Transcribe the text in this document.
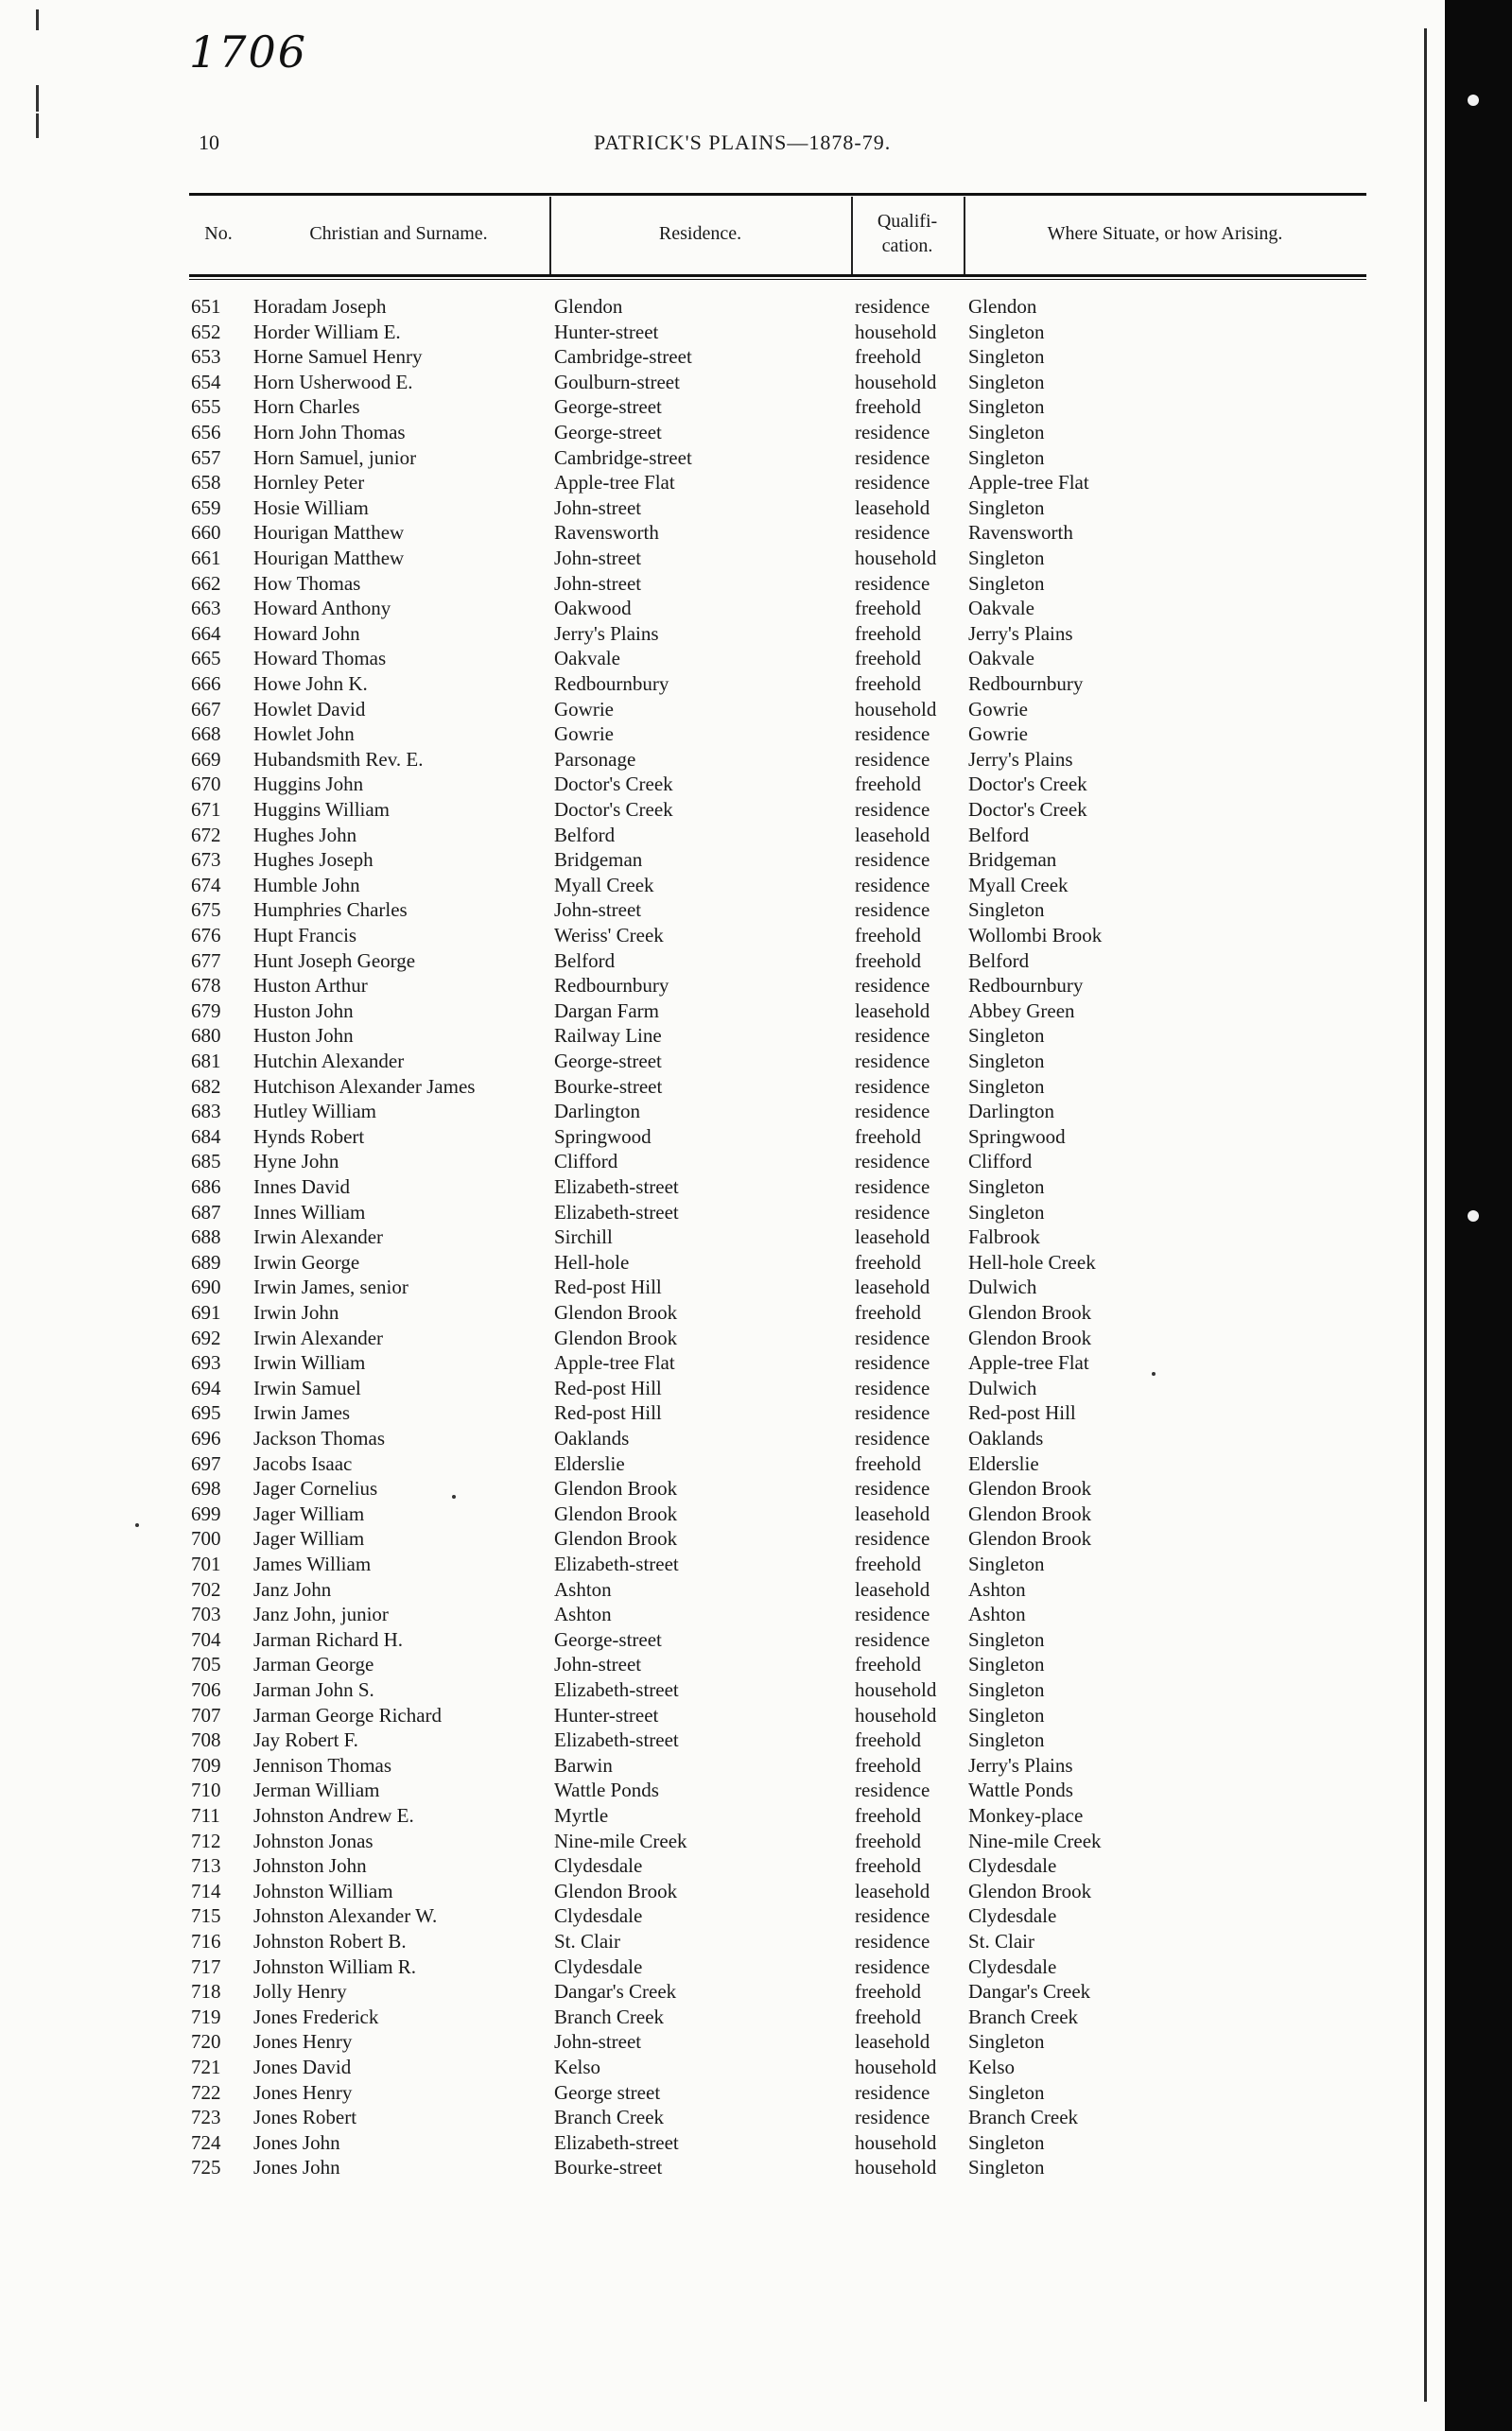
1706
10	PATRICK'S PLAINS—1878-79.
No.	Christian and Surname.	Residence.
Qualifi-
cation.
Where Situate, or how Arising.
651	Horadam Joseph	Glendon	residence Glendon
652	Horder William E.	Hunter-street	household Singleton
653	Horne Samuel Henry	Cambridge-street	freehold Singleton
654	Horn Usherwood E.	Goulburn-street	household Singleton
655	Horn Charles	George-street	freehold Singleton
656	Horn John Thomas	George-street	residence Singleton
657	Horn Samuel, junior	Cambridge-street	residence Singleton
658	Hornley Peter	Apple-tree Flat	residence Apple-tree Flat
659	Hosie William	John-street	leasehold Singleton
660	Hourigan Matthew	Ravensworth	residence Ravensworth
661	Hourigan Matthew	John-street	household Singleton
662	How Thomas	John-street	residence Singleton
663	Howard Anthony	Oakwood	freehold Oakvale
664	Howard John	Jerry's Plains	freehold Jerry's Plains
665	Howard Thomas	Oakvale	freehold Oakvale
666	Howe John K.	Redbournbury	freehold Redbournbury
667	Howlet David	Gowrie	household Gowrie
668	Howlet John	Gowrie	residence Gowrie
669	Hubandsmith Rev. E.	Parsonage	residence Jerry's Plains
670	Huggins John	Doctor's Creek	freehold Doctor's Creek
671	Huggins William	Doctor's Creek	residence Doctor's Creek
672	Hughes John	Belford	leasehold Belford
673	Hughes Joseph	Bridgeman	residence Bridgeman
674	Humble John	Myall Creek	residence Myall Creek
675	Humphries Charles	John-street	residence Singleton
676	Hupt Francis	Weriss' Creek	freehold Wollombi Brook
677	Hunt Joseph George	Belford	freehold Belford
678	Huston Arthur	Redbournbury	residence Redbournbury
679	Huston John	Dargan Farm	leasehold Abbey Green
680	Huston John	Railway Line	residence Singleton
681	Hutchin Alexander	George-street	residence Singleton
682	Hutchison Alexander James	Bourke-street	residence Singleton
683	Hutley William	Darlington	residence Darlington
684	Hynds Robert	Springwood	freehold Springwood
685	Hyne John	Clifford	residence Clifford
686	Innes David	Elizabeth-street	residence Singleton
687	Innes William	Elizabeth-street	residence Singleton
688	Irwin Alexander	Sirchill	leasehold Falbrook
689	Irwin George	Hell-hole	freehold Hell-hole Creek
690	Irwin James, senior	Red-post Hill	leasehold Dulwich
691	Irwin John	Glendon Brook	freehold Glendon Brook
692	Irwin Alexander	Glendon Brook	residence Glendon Brook
693	Irwin William	Apple-tree Flat	residence Apple-tree Flat
694	Irwin Samuel	Red-post Hill	residence Dulwich
695	Irwin James	Red-post Hill	residence Red-post Hill
696	Jackson Thomas	Oaklands	residence Oaklands
697	Jacobs Isaac	Elderslie	freehold Elderslie
698	Jager Cornelius	Glendon Brook	residence Glendon Brook
699	Jager William	Glendon Brook	leasehold Glendon Brook
700	Jager William	Glendon Brook	residence Glendon Brook
701	James William	Elizabeth-street	freehold Singleton
702	Janz John	Ashton	leasehold Ashton
703	Janz John, junior	Ashton	residence Ashton
704	Jarman Richard H.	George-street	residence Singleton
705	Jarman George	John-street	freehold Singleton
706	Jarman John S.	Elizabeth-street	household Singleton
707	Jarman George Richard	Hunter-street	household Singleton
708	Jay Robert F.	Elizabeth-street	freehold Singleton
709	Jennison Thomas	Barwin	freehold Jerry's Plains
710	Jerman William	Wattle Ponds	residence Wattle Ponds
711	Johnston Andrew E.	Myrtle	freehold Monkey-place
712	Johnston Jonas	Nine-mile Creek	freehold Nine-mile Creek
713	Johnston John	Clydesdale	freehold Clydesdale
714	Johnston William	Glendon Brook	leasehold Glendon Brook
715	Johnston Alexander W.	Clydesdale	residence Clydesdale
716	Johnston Robert B.	St. Clair	residence St. Clair
717	Johnston William R.	Clydesdale	residence Clydesdale
718	Jolly Henry	Dangar's Creek	freehold Dangar's Creek
719	Jones Frederick	Branch Creek	freehold Branch Creek
720	Jones Henry	John-street	leasehold Singleton
721	Jones David	Kelso	household Kelso
722	Jones Henry	George street	residence Singleton
723	Jones Robert	Branch Creek	residence Branch Creek
724	Jones John	Elizabeth-street	household Singleton
725	Jones John	Bourke-street	household Singleton
